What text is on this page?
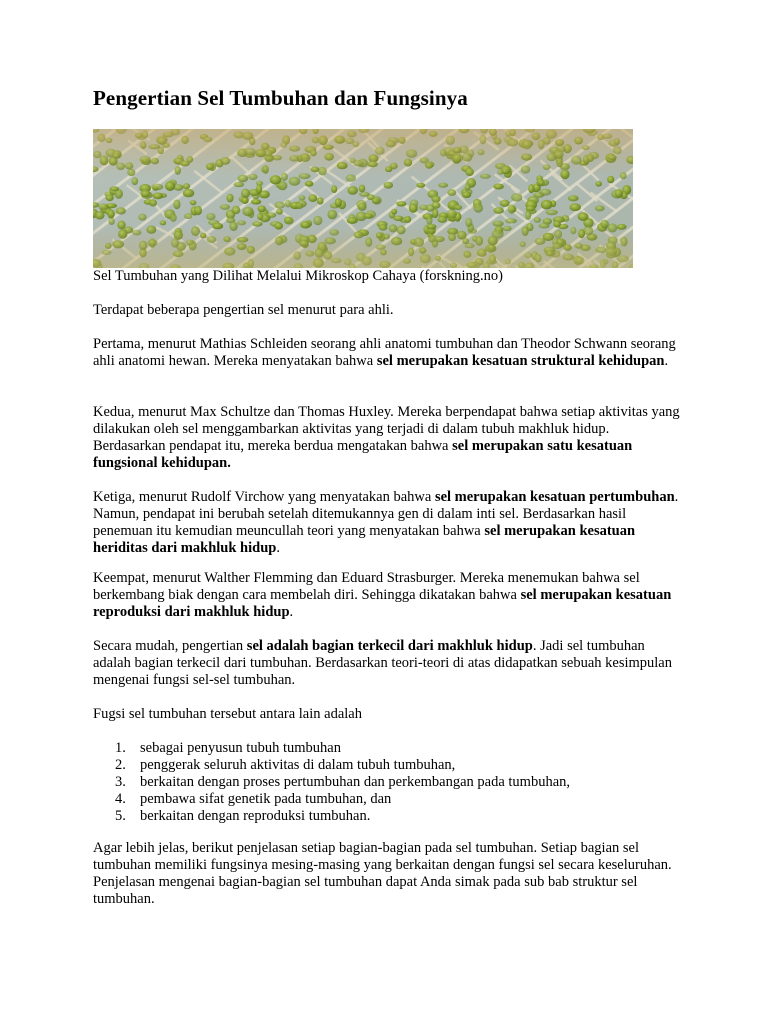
Pengertian Sel Tumbuhan dan Fungsinya
Sel Tumbuhan yang Dilihat Melalui Mikroskop Cahaya (forskning.no)
Terdapat beberapa pengertian sel menurut para ahli.
Pertama, menurut Mathias Schleiden seorang ahli anatomi tumbuhan dan Theodor Schwann seorang ahli anatomi hewan. Mereka menyatakan bahwa sel merupakan kesatuan struktural kehidupan.
Kedua, menurut Max Schultze dan Thomas Huxley. Mereka berpendapat bahwa setiap aktivitas yang dilakukan oleh sel menggambarkan aktivitas yang terjadi di dalam tubuh makhluk hidup. Berdasarkan pendapat itu, mereka berdua mengatakan bahwa sel merupakan satu kesatuan fungsional kehidupan.
Ketiga, menurut Rudolf Virchow yang menyatakan bahwa sel merupakan kesatuan pertumbuhan. Namun, pendapat ini berubah setelah ditemukannya gen di dalam inti sel. Berdasarkan hasil penemuan itu kemudian meuncullah teori yang menyatakan bahwa sel merupakan kesatuan heriditas dari makhluk hidup.
Keempat, menurut Walther Flemming dan Eduard Strasburger. Mereka menemukan bahwa sel berkembang biak dengan cara membelah diri. Sehingga dikatakan bahwa sel merupakan kesatuan reproduksi dari makhluk hidup.
Secara mudah, pengertian sel adalah bagian terkecil dari makhluk hidup. Jadi sel tumbuhan adalah bagian terkecil dari tumbuhan. Berdasarkan teori-teori di atas didapatkan sebuah kesimpulan mengenai fungsi sel-sel tumbuhan.
Fugsi sel tumbuhan tersebut antara lain adalah
1. sebagai penyusun tubuh tumbuhan
2. penggerak seluruh aktivitas di dalam tubuh tumbuhan,
3. berkaitan dengan proses pertumbuhan dan perkembangan pada tumbuhan,
4. pembawa sifat genetik pada tumbuhan, dan
5. berkaitan dengan reproduksi tumbuhan.
Agar lebih jelas, berikut penjelasan setiap bagian-bagian pada sel tumbuhan. Setiap bagian sel tumbuhan memiliki fungsinya mesing-masing yang berkaitan dengan fungsi sel secara keseluruhan. Penjelasan mengenai bagian-bagian sel tumbuhan dapat Anda simak pada sub bab struktur sel tumbuhan.
